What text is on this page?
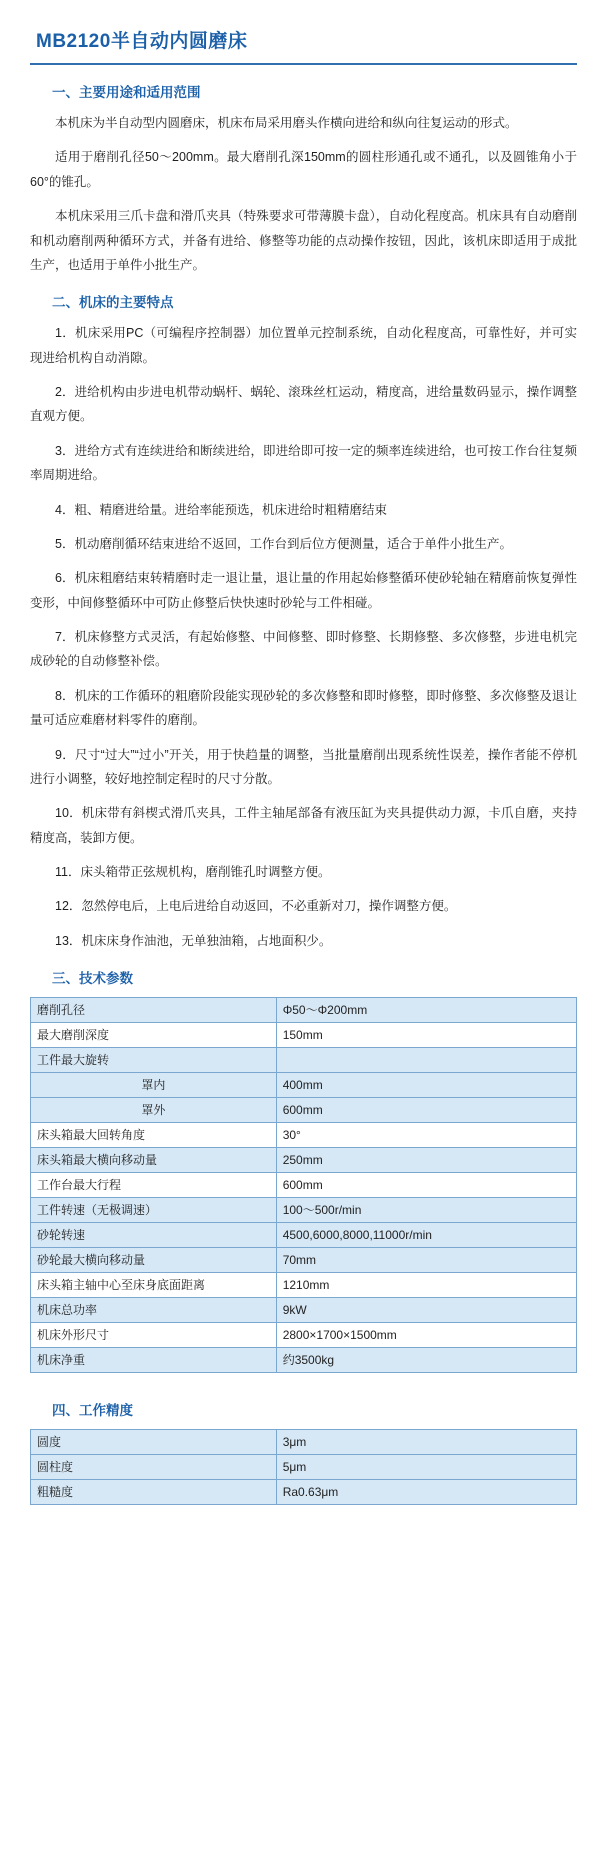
MB2120半自动内圆磨床
一、主要用途和适用范围

本机床为半自动型内圆磨床，机床布局采用磨头作横向进给和纵向往复运动的形式。

适用于磨削孔径50～200mm。最大磨削孔深150mm的圆柱形通孔或不通孔，以及圆锥角小于60°的锥孔。

本机床采用三爪卡盘和滑爪夹具（特殊要求可带薄膜卡盘），自动化程度高。机床具有自动磨削和机动磨削两种循环方式，并备有进给、修整等功能的点动操作按钮，因此，该机床即适用于成批生产，也适用于单件小批生产。

二、机床的主要特点

1．机床采用PC（可编程序控制器）加位置单元控制系统，自动化程度高，可靠性好，并可实现进给机构自动消隙。

2．进给机构由步进电机带动蜗杆、蜗轮、滚珠丝杠运动，精度高，进给量数码显示，操作调整直观方便。

3．进给方式有连续进给和断续进给，即进给即可按一定的频率连续进给，也可按工作台往复频率周期进给。

4．粗、精磨进给量。进给率能预选，机床进给时粗精磨结束

5．机动磨削循环结束进给不返回，工作台到后位方便测量，适合于单件小批生产。

6．机床粗磨结束转精磨时走一退让量，退让量的作用起始修整循环使砂轮轴在精磨前恢复弹性变形，中间修整循环中可防止修整后快快速时砂轮与工件相碰。

7．机床修整方式灵活，有起始修整、中间修整、即时修整、长期修整、多次修整，步进电机完成砂轮的自动修整补偿。

8．机床的工作循环的粗磨阶段能实现砂轮的多次修整和即时修整，即时修整、多次修整及退让量可适应难磨材料零件的磨削。

9．尺寸“过大”“过小”开关，用于快趋量的调整，当批量磨削出现系统性误差，操作者能不停机进行小调整，较好地控制定程时的尺寸分散。

10．机床带有斜楔式滑爪夹具，工件主轴尾部备有液压缸为夹具提供动力源，卡爪自磨，夹持精度高，装卸方便。

11．床头箱带正弦规机构，磨削锥孔时调整方便。

12．忽然停电后，上电后进给自动返回，不必重新对刀，操作调整方便。

13．机床床身作油池，无单独油箱，占地面积少。

三、技术参数
磨削孔径	Φ50～Φ200mm
最大磨削深度	150mm
工件最大旋转	
罩内	400mm
罩外	600mm
床头箱最大回转角度	30°
床头箱最大横向移动量	250mm
工作台最大行程	600mm
工件转速（无极调速）	100～500r/min
砂轮转速	4500,6000,8000,11000r/min
砂轮最大横向移动量	70mm
床头箱主轴中心至床身底面距离	1210mm
机床总功率	9kW
机床外形尺寸	2800×1700×1500mm
机床净重	约3500kg
四、工作精度
圆度	3μm
圆柱度	5μm
粗糙度	Ra0.63μm
